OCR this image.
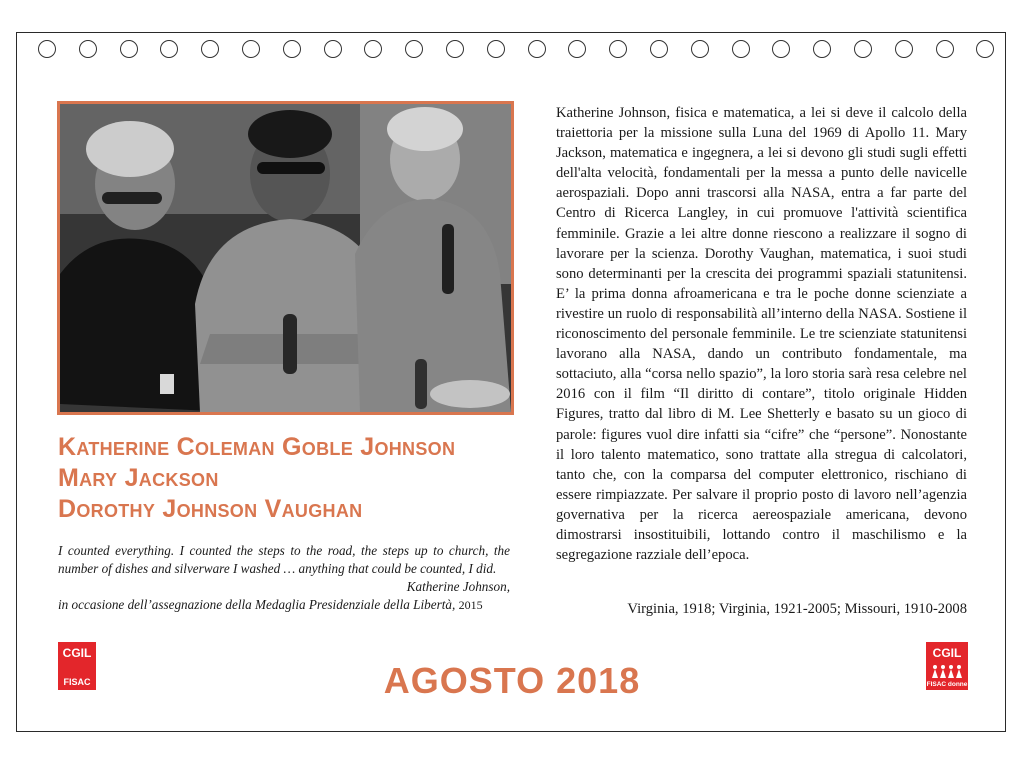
Katherine Coleman Goble Johnson
Mary Jackson
Dorothy Johnson Vaughan
I counted everything. I counted the steps to the road, the steps up to church, the number of dishes and silverware I washed … anything that could be counted, I did.
Katherine Johnson,
in occasione dell’assegnazione della Medaglia Presidenziale della Libertà, 2015
Katherine Johnson, fisica e matematica, a lei si deve il calcolo della traiettoria per la missione sulla Luna del 1969 di Apollo 11. Mary Jackson, matematica e ingegnera, a lei si devono gli studi sugli effetti dell'alta velocità, fondamentali per la messa a punto delle navicelle aerospaziali. Dopo anni trascorsi alla NASA, entra a far parte del Centro di Ricerca Langley, in cui promuove l'attività scientifica femminile. Grazie a lei altre donne riescono a realizzare il sogno di lavorare per la scienza. Dorothy Vaughan, matematica, i suoi studi sono determinanti per la crescita dei programmi spaziali statunitensi. E’ la prima donna afroamericana e tra le poche donne scienziate a rivestire un ruolo di responsabilità all’interno della NASA. Sostiene il riconoscimento del personale femminile. Le tre scienziate statunitensi lavorano alla NASA, dando un contributo fondamentale, ma sottaciuto, alla “corsa nello spazio”, la loro storia sarà resa celebre nel 2016 con il film “Il diritto di contare”, titolo originale Hidden Figures, tratto dal libro di M. Lee Shetterly e basato su un gioco di parole: figures vuol dire infatti sia “cifre” che “persone”. Nonostante il loro talento matematico, sono trattate alla stregua di calcolatori, tanto che, con la comparsa del computer elettronico, rischiano di essere rimpiazzate. Per salvare il proprio posto di lavoro nell’agenzia governativa per la ricerca aereospaziale americana, devono dimostrarsi insostituibili, lottando contro il maschilismo e la segregazione razziale dell’epoca.
Virginia, 1918; Virginia, 1921-2005; Missouri, 1910-2008
CGIL
FISAC	AGOSTO 2018
CGIL
FISAC donne
